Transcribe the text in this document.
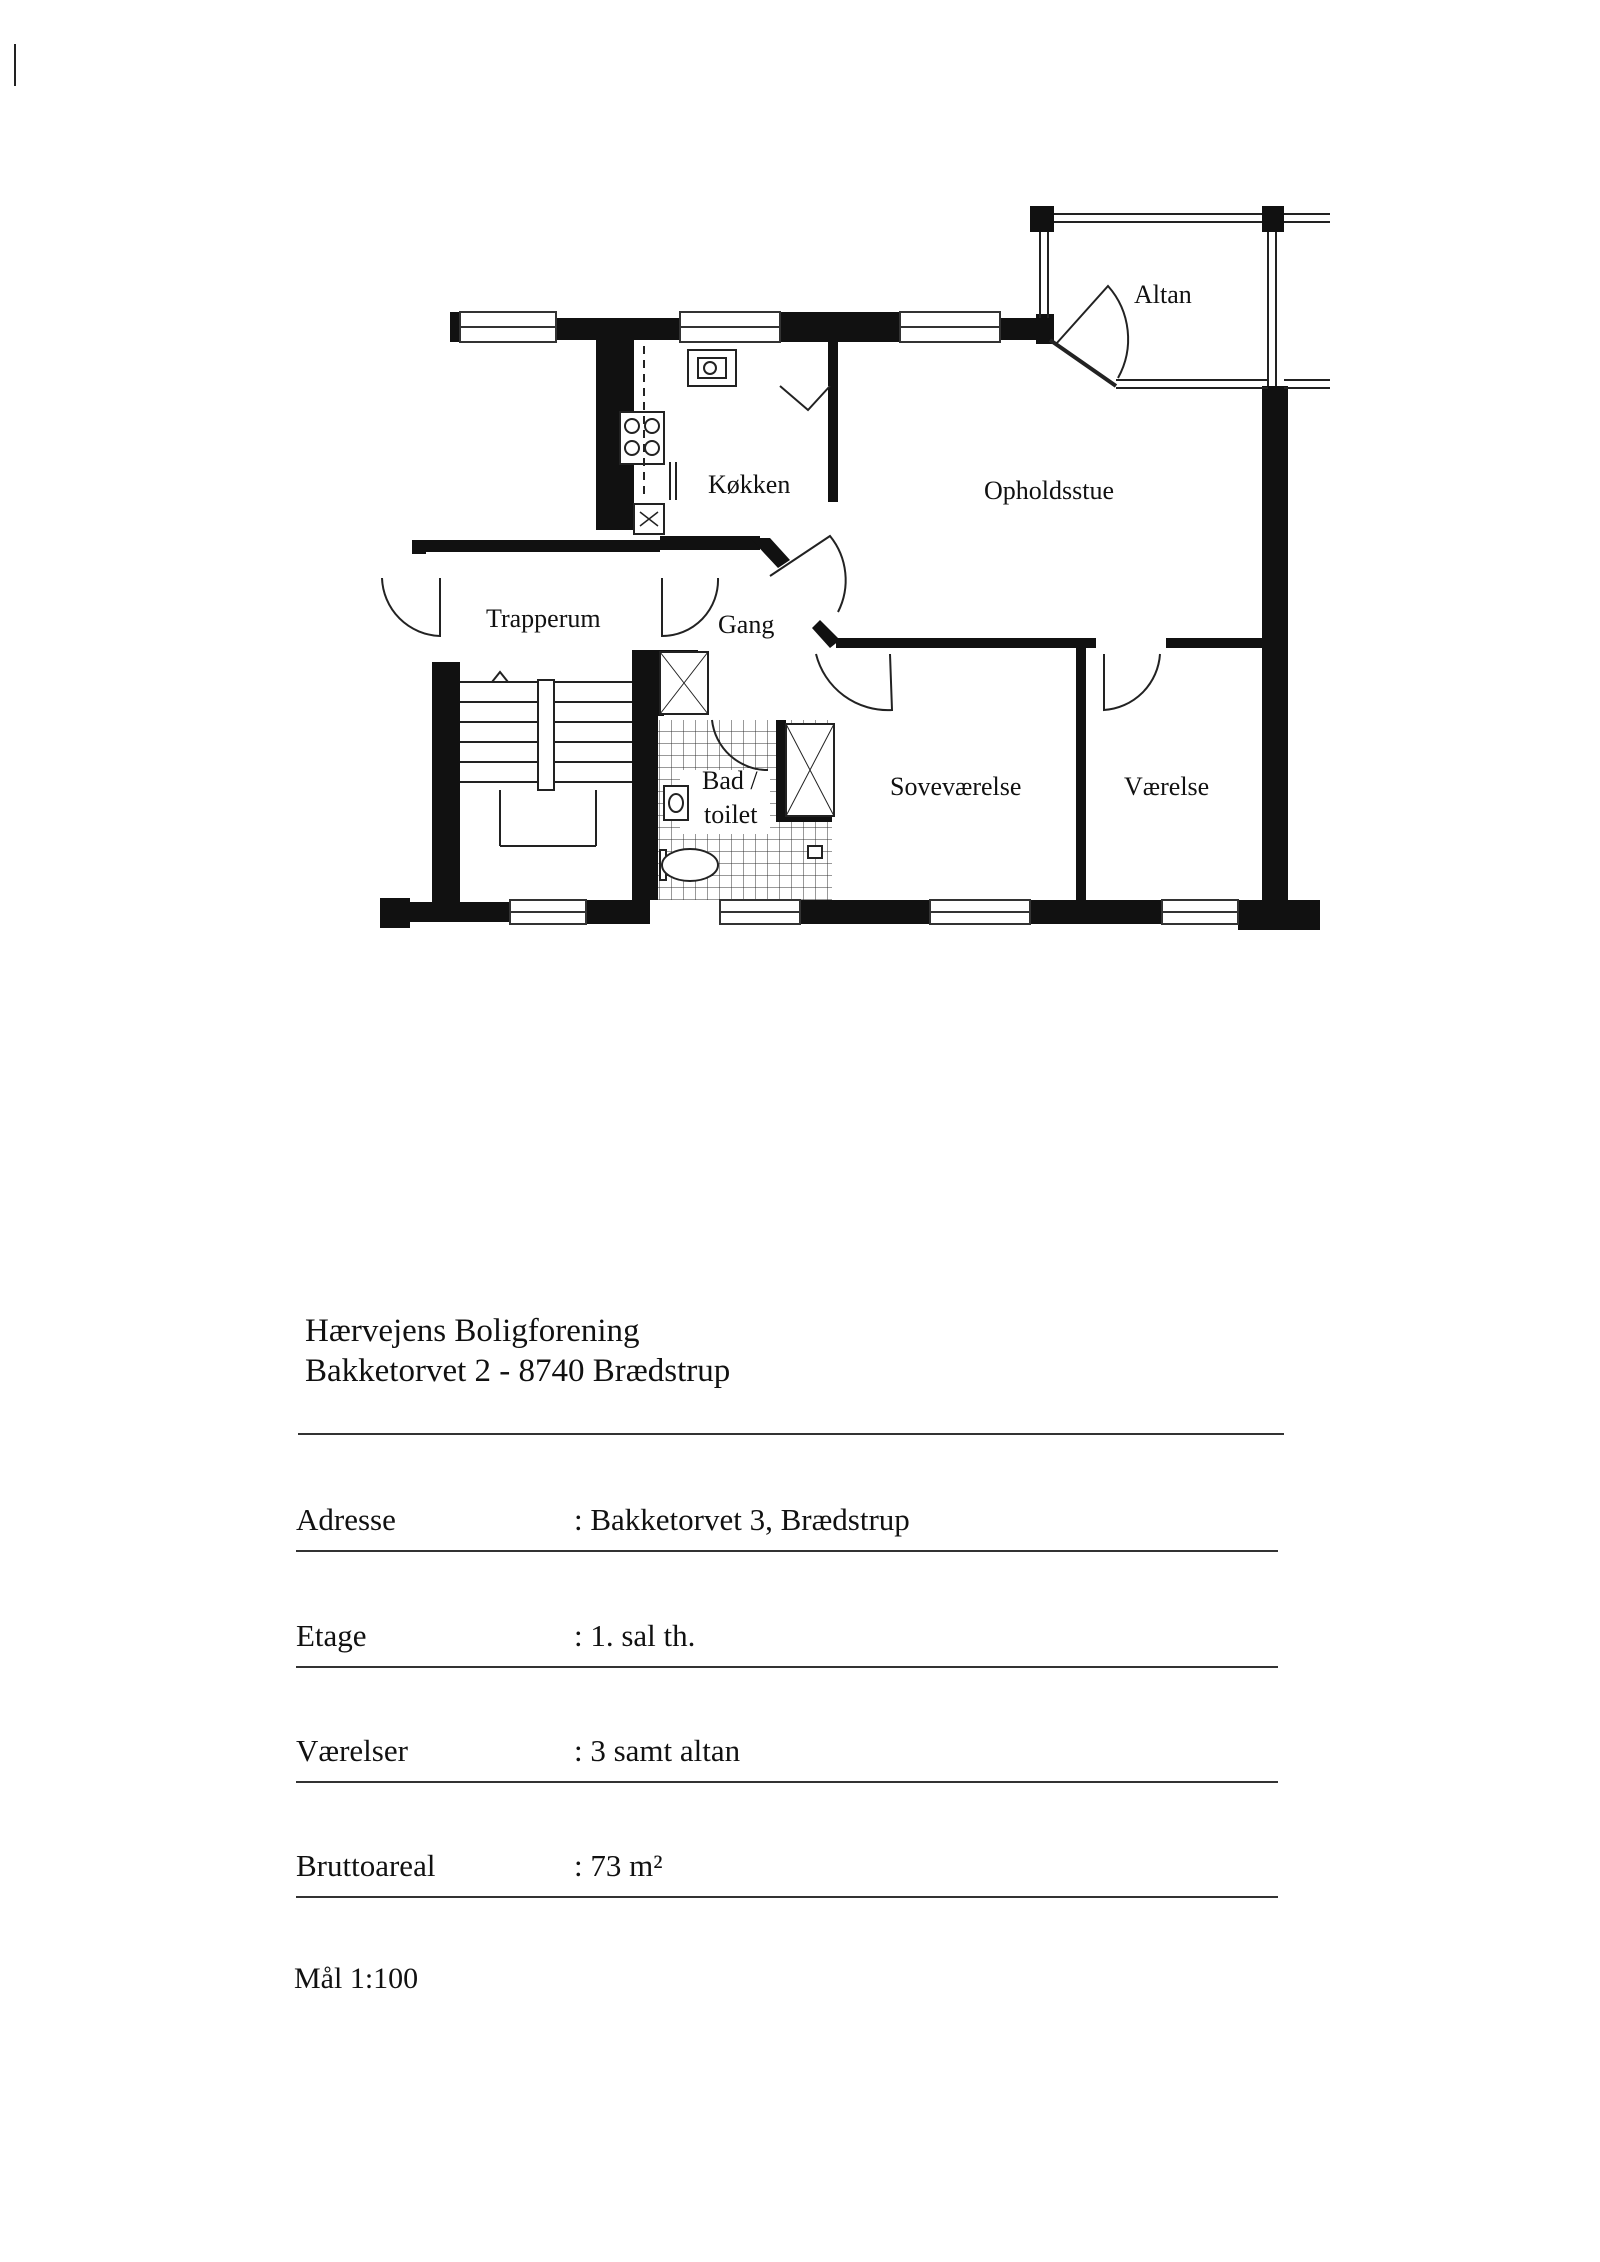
Altan
Køkken	Opholdsstue
Trapperum	Gang
Bad /
toilet
Soveværelse	Værelse
Hærvejens Boligforening
Bakketorvet 2 - 8740 Brædstrup
Adresse	: Bakketorvet 3, Brædstrup
Etage	: 1. sal th.
Værelser	: 3 samt altan
Bruttoareal	: 73 m²
Mål 1:100
